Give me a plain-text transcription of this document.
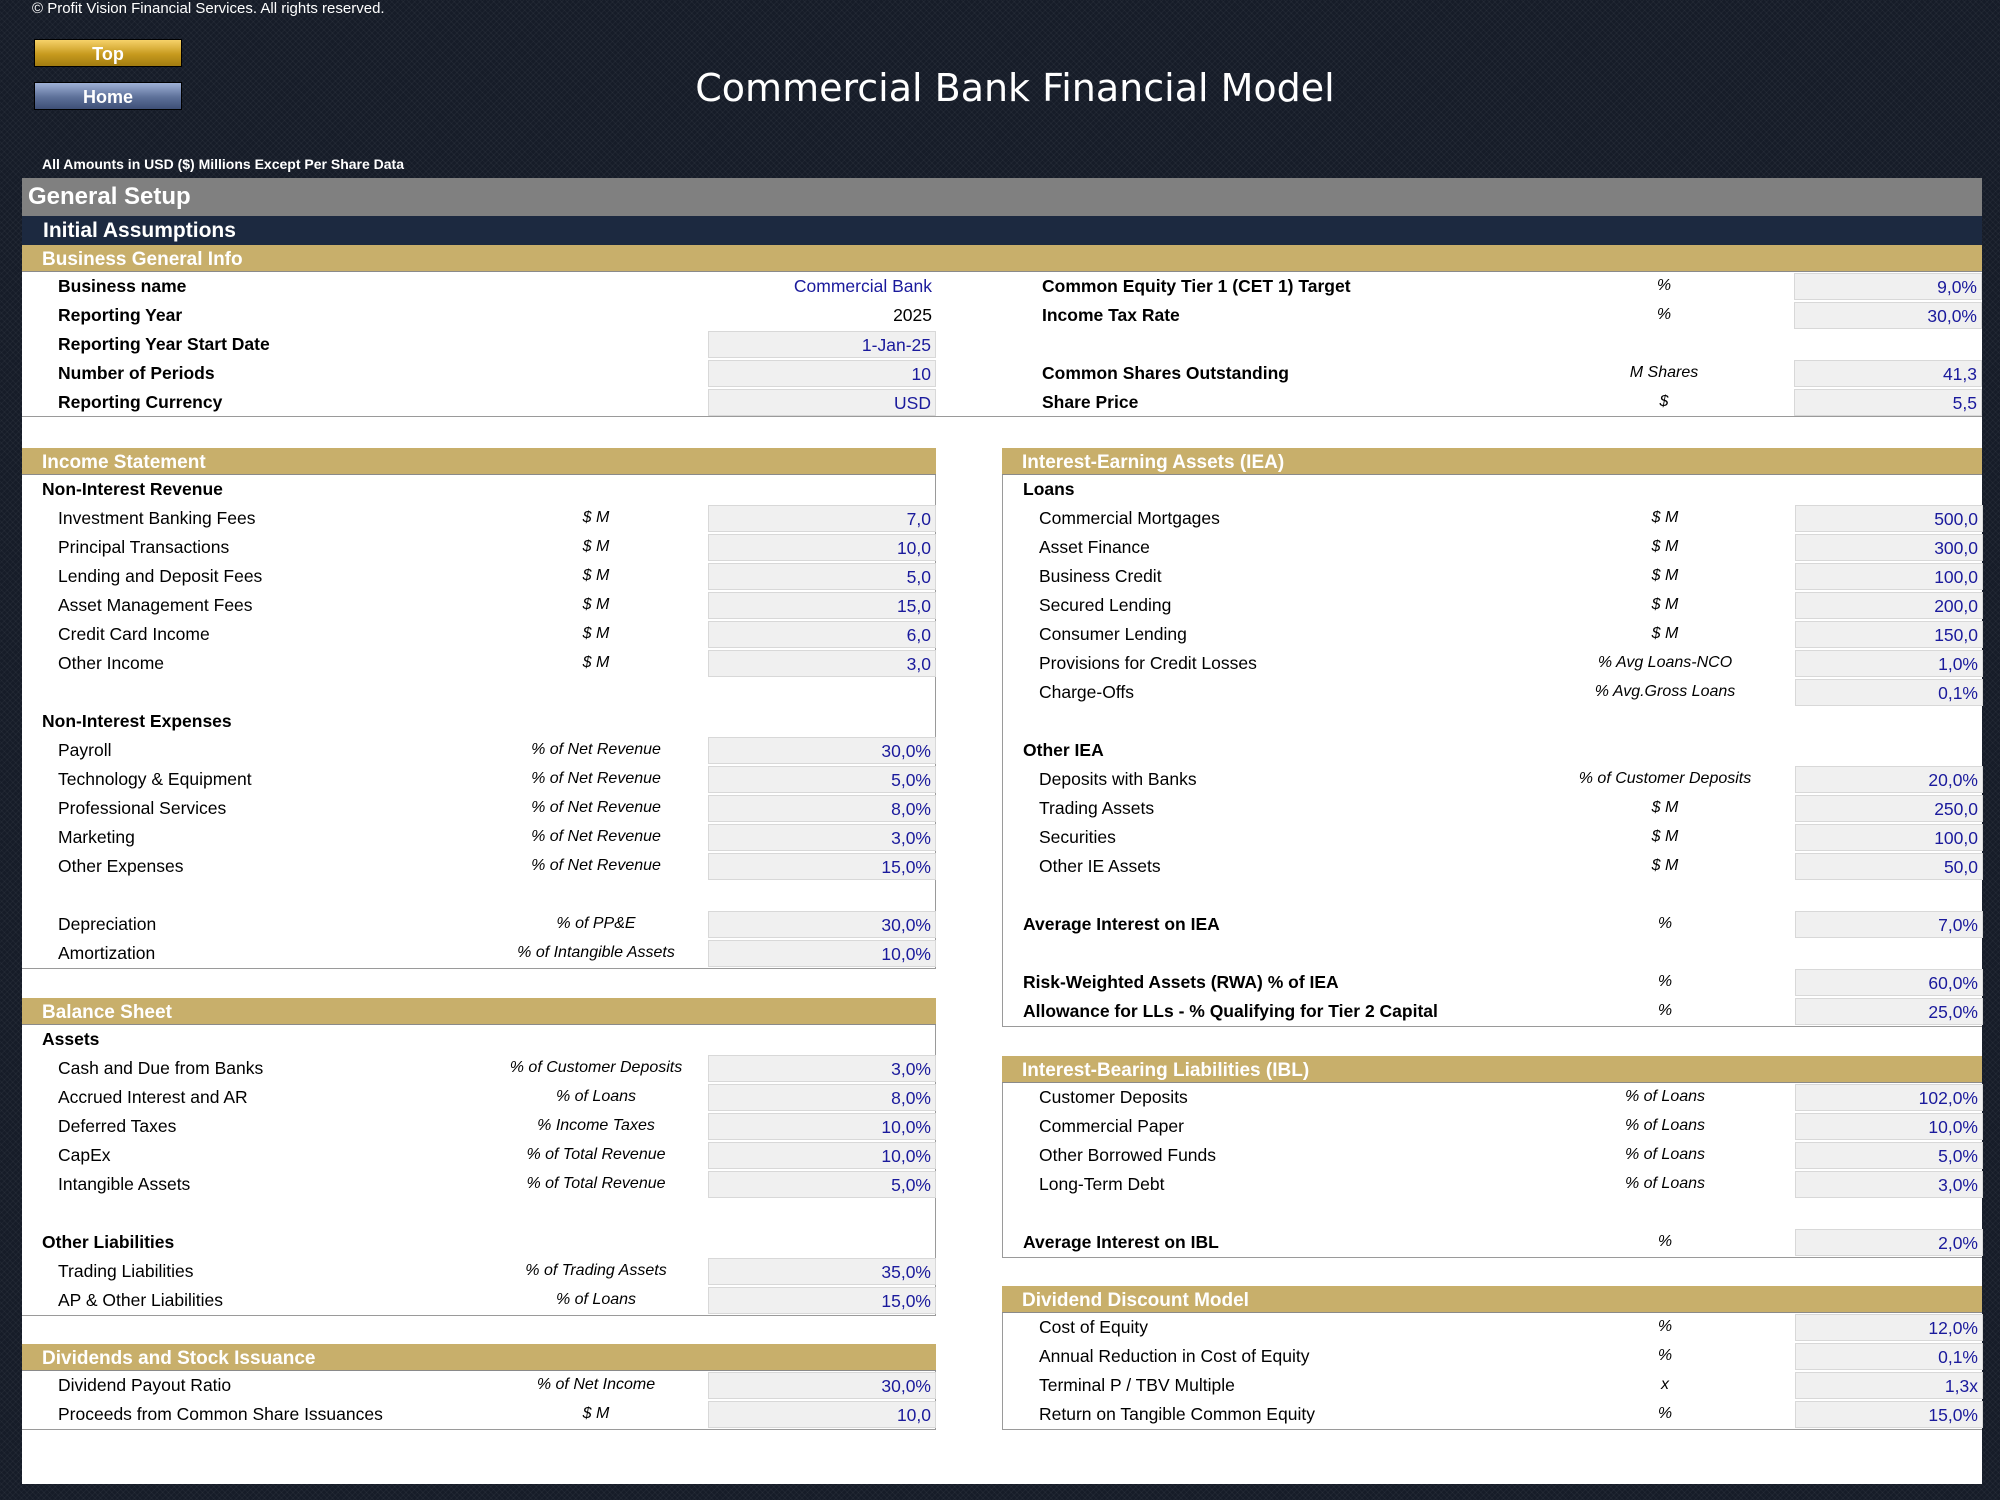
© Profit Vision Financial Services. All rights reserved.
Top
Home	Commercial Bank Financial Model
All Amounts in USD ($) Millions Except Per Share Data
General Setup
Initial Assumptions
Business General Info
Business name	Commercial Bank	Common Equity Tier 1 (CET 1) Target	%	9,0%
Reporting Year	2025	Income Tax Rate	%	30,0%
Reporting Year Start Date	1-Jan-25
Number of Periods	10	Common Shares Outstanding	M Shares	41,3
Reporting Currency	USD	Share Price	$	5,5
Income Statement
Non-Interest Revenue
Investment Banking Fees	$ M	7,0
Principal Transactions	$ M	10,0
Lending and Deposit Fees	$ M	5,0
Asset Management Fees	$ M	15,0
Credit Card Income	$ M	6,0
Other Income	$ M	3,0
Non-Interest Expenses
Payroll	% of Net Revenue	30,0%
Technology & Equipment	% of Net Revenue	5,0%
Professional Services	% of Net Revenue	8,0%
Marketing	% of Net Revenue	3,0%
Other Expenses	% of Net Revenue	15,0%
Depreciation	% of PP&E	30,0%
Amortization	% of Intangible Assets	10,0%
Balance Sheet
Assets
Cash and Due from Banks	% of Customer Deposits	3,0%
Accrued Interest and AR	% of Loans	8,0%
Deferred Taxes	% Income Taxes	10,0%
CapEx	% of Total Revenue	10,0%
Intangible Assets	% of Total Revenue	5,0%
Other Liabilities
Trading Liabilities	% of Trading Assets	35,0%
AP & Other Liabilities	% of Loans	15,0%
Dividends and Stock Issuance
Dividend Payout Ratio	% of Net Income	30,0%
Proceeds from Common Share Issuances	$ M	10,0
Interest-Earning Assets (IEA)
Loans
Commercial Mortgages	$ M	500,0
Asset Finance	$ M	300,0
Business Credit	$ M	100,0
Secured Lending	$ M	200,0
Consumer Lending	$ M	150,0
Provisions for Credit Losses	% Avg Loans-NCO	1,0%
Charge-Offs	% Avg.Gross Loans	0,1%
Other IEA
Deposits with Banks	% of Customer Deposits	20,0%
Trading Assets	$ M	250,0
Securities	$ M	100,0
Other IE Assets	$ M	50,0
Average Interest on IEA	%	7,0%
Risk-Weighted Assets (RWA) % of IEA	%	60,0%
Allowance for LLs - % Qualifying for Tier 2 Capital	%	25,0%
Interest-Bearing Liabilities (IBL)
Customer Deposits	% of Loans	102,0%
Commercial Paper	% of Loans	10,0%
Other Borrowed Funds	% of Loans	5,0%
Long-Term Debt	% of Loans	3,0%
Average Interest on IBL	%	2,0%
Dividend Discount Model
Cost of Equity	%	12,0%
Annual Reduction in Cost of Equity	%	0,1%
Terminal P / TBV Multiple	x	1,3x
Return on Tangible Common Equity	%	15,0%
